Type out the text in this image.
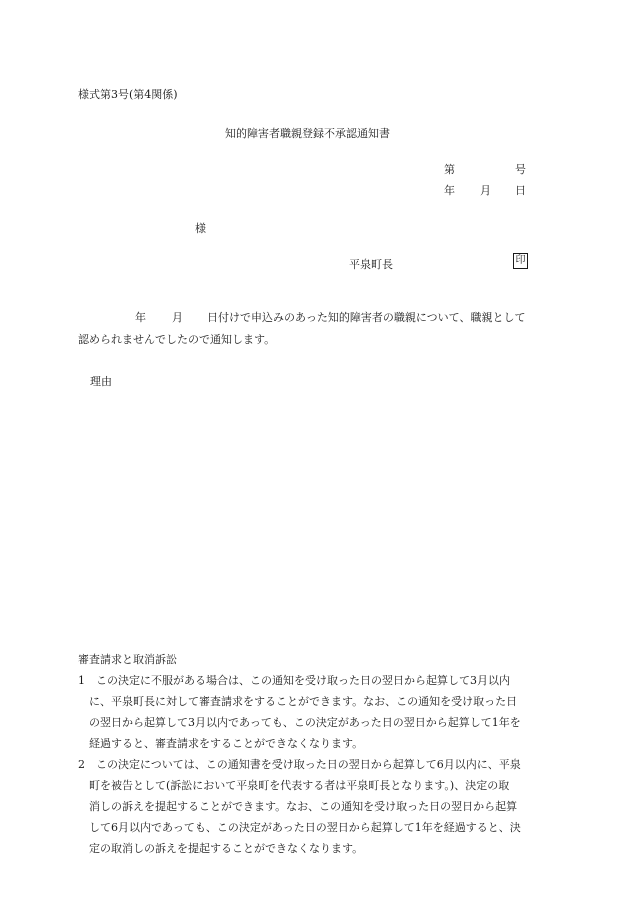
様式第3号(第4関係)
知的障害者職親登録不承認通知書
第	号
年 月 日
様
平泉町長	印
年 月 日付けで申込みのあった知的障害者の職親について、職親として
認められませんでしたので通知します。
理由
審査請求と取消訴訟
1　この決定に不服がある場合は、この通知を受け取った日の翌日から起算して3月以内
に、平泉町長に対して審査請求をすることができます。なお、この通知を受け取った日
の翌日から起算して3月以内であっても、この決定があった日の翌日から起算して1年を
経過すると、審査請求をすることができなくなります。
2　この決定については、この通知書を受け取った日の翌日から起算して6月以内に、平泉
町を被告として(訴訟において平泉町を代表する者は平泉町長となります。)、決定の取
消しの訴えを提起することができます。なお、この通知を受け取った日の翌日から起算
して6月以内であっても、この決定があった日の翌日から起算して1年を経過すると、決
定の取消しの訴えを提起することができなくなります。
